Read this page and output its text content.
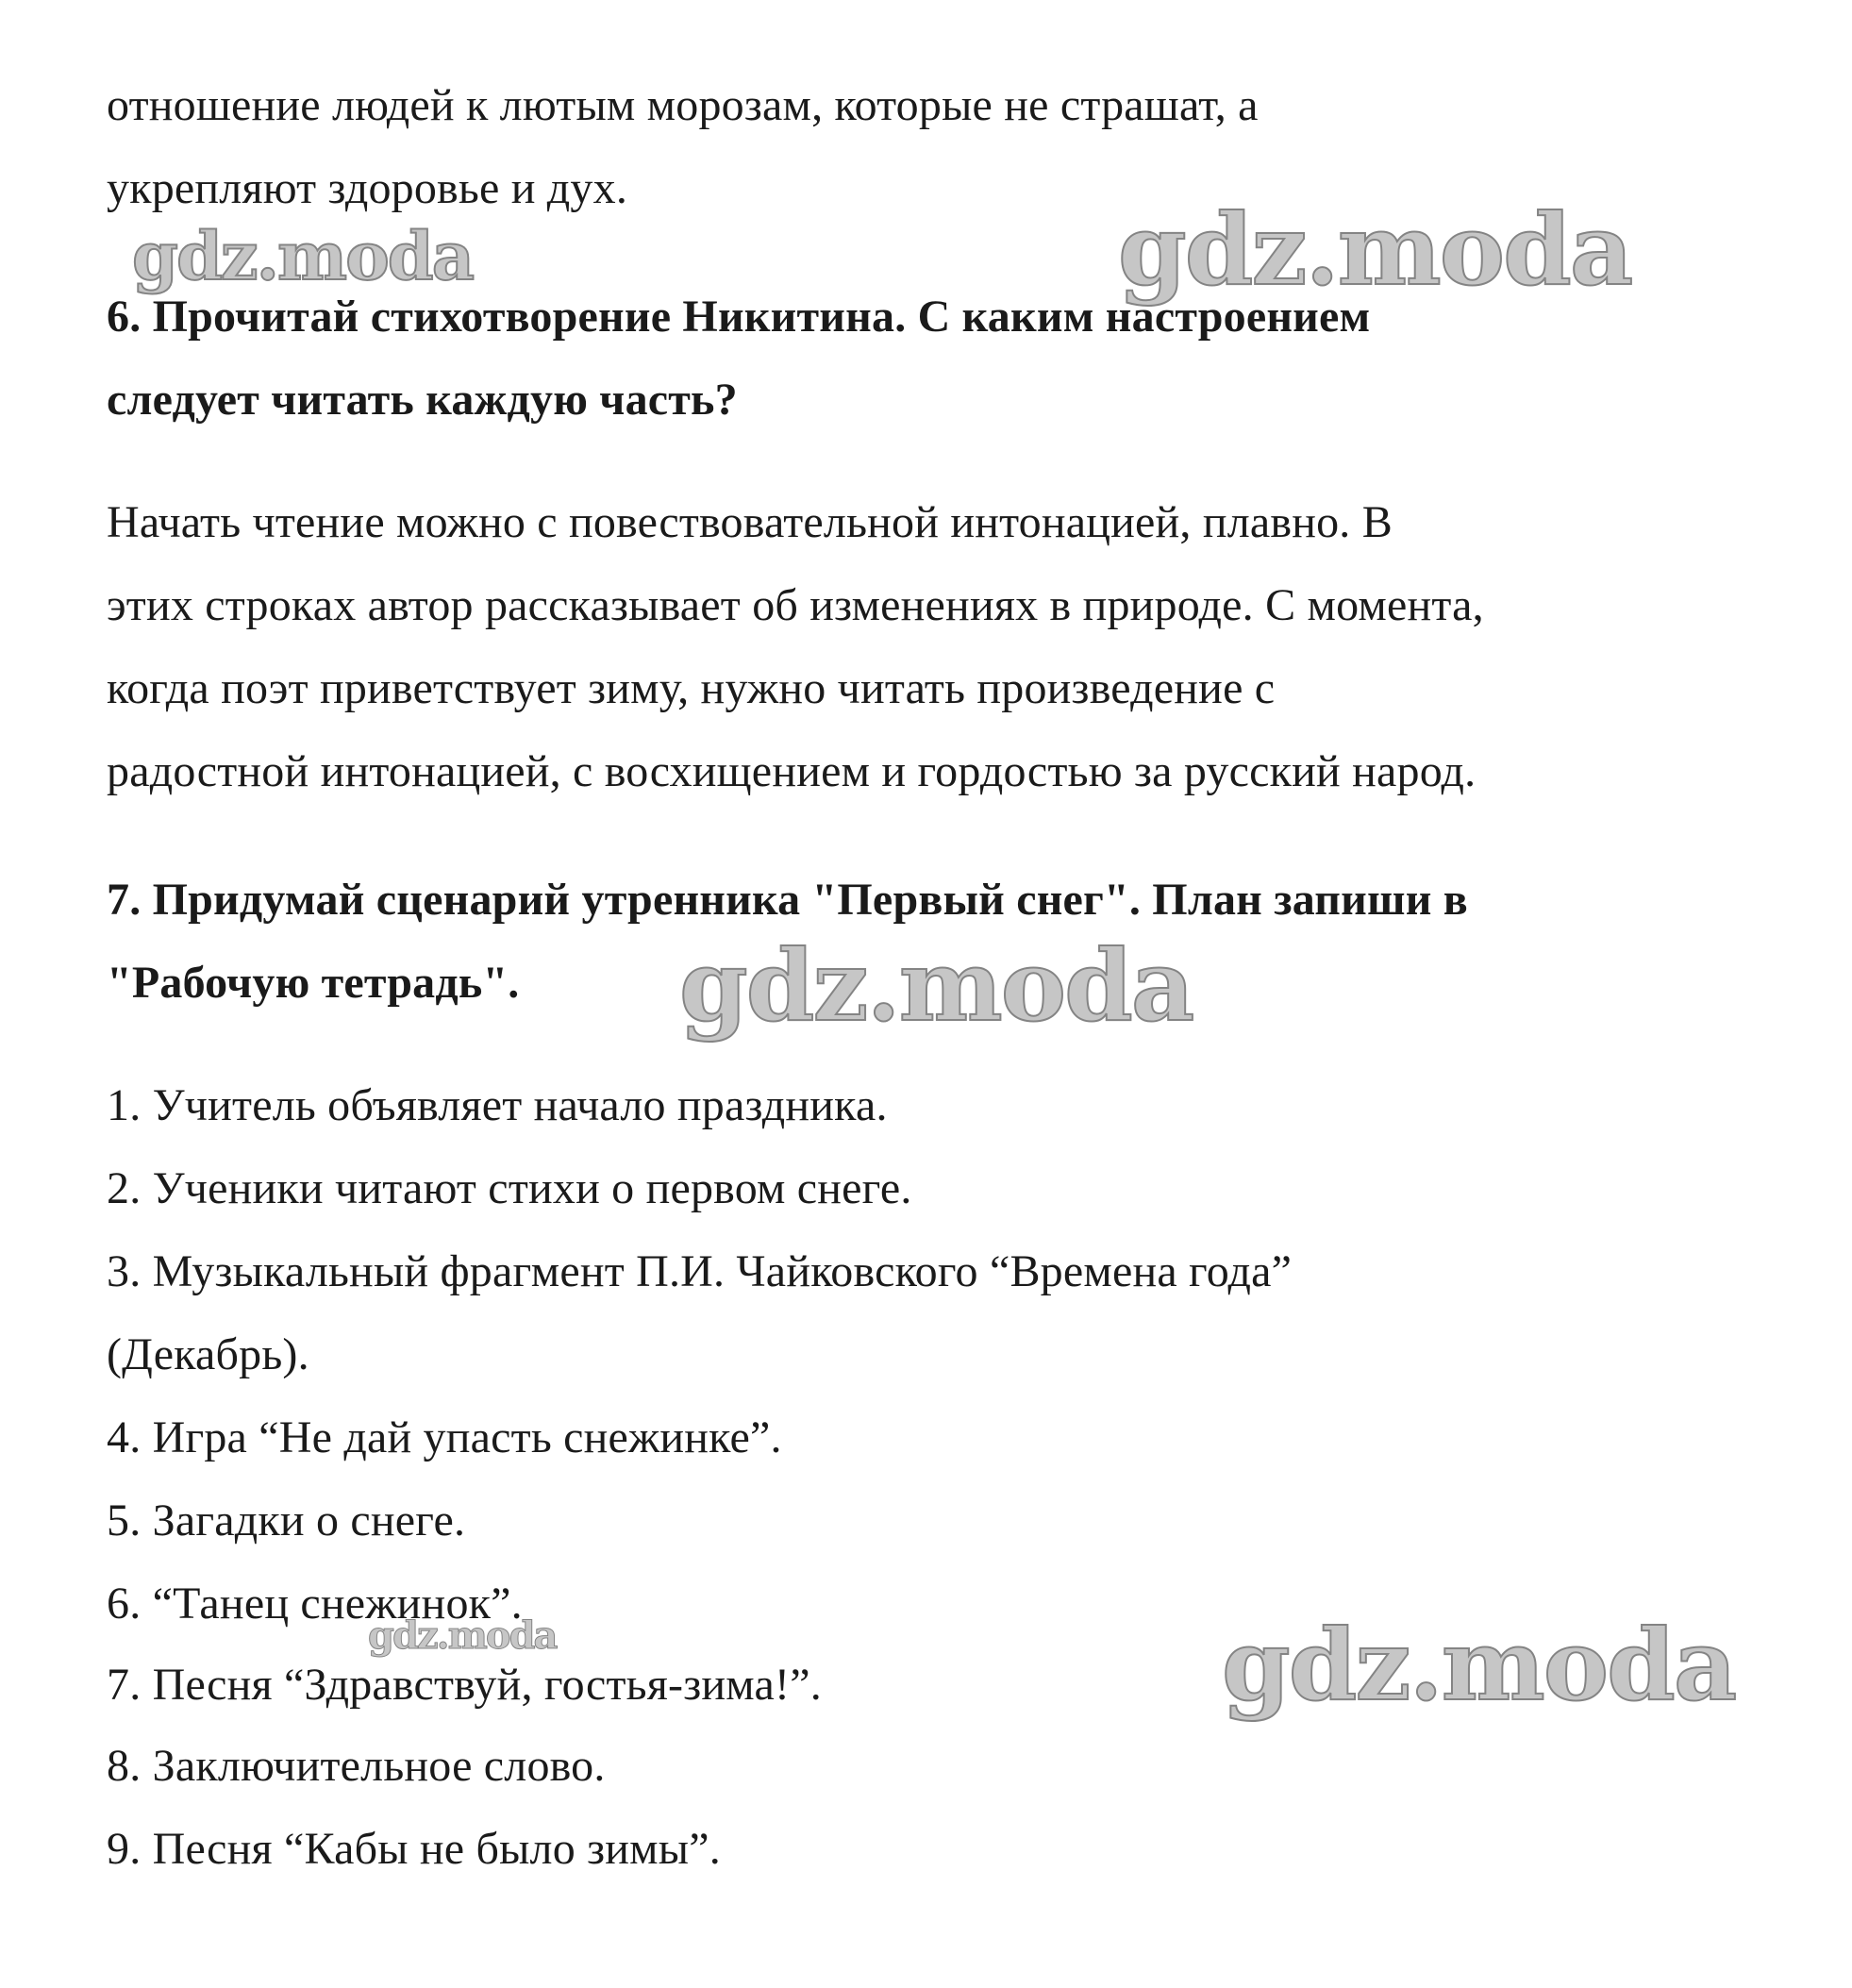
отношение людей к лютым морозам, которые не страшат, а
укрепляют здоровье и дух.
6. Прочитай стихотворение Никитина. С каким настроением
следует читать каждую часть?
Начать чтение можно с повествовательной интонацией, плавно. В
этих строках автор рассказывает об изменениях в природе. С момента,
когда поэт приветствует зиму, нужно читать произведение с
радостной интонацией, с восхищением и гордостью за русский народ.
7. Придумай сценарий утренника "Первый снег". План запиши в
"Рабочую тетрадь".
1. Учитель объявляет начало праздника.
2. Ученики читают стихи о первом снеге.
3. Музыкальный фрагмент П.И. Чайковского “Времена года”
(Декабрь).
4. Игра “Не дай упасть снежинке”.
5. Загадки о снеге.
6. “Танец снежинок”.
7. Песня “Здравствуй, гостья-зима!”.
8. Заключительное слово.
9. Песня “Кабы не было зимы”.
gdz.moda	gdz.moda
gdz.moda
gdz.moda	gdz.moda
